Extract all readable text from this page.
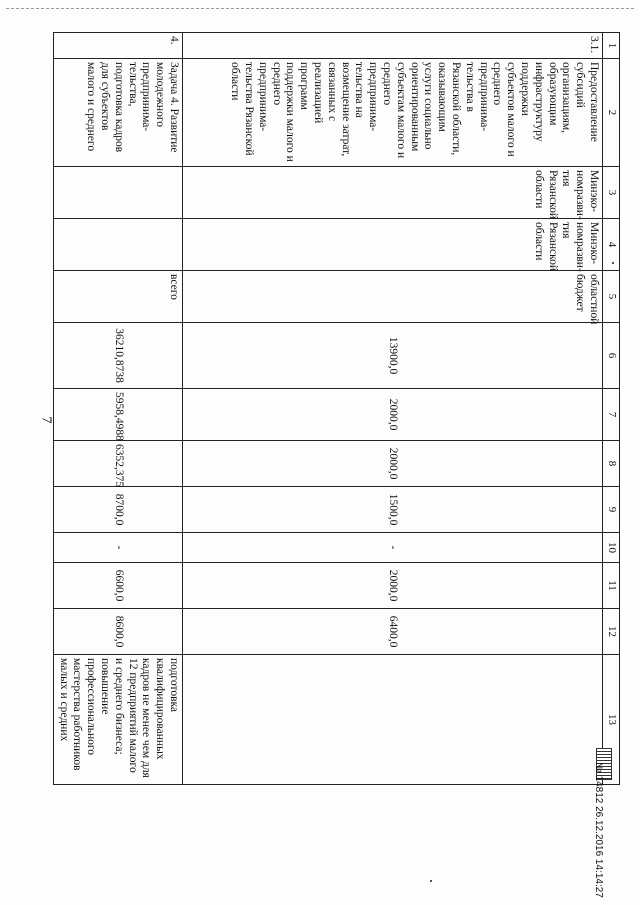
7
1	2	3	4	5	6	7	8	9	10	11	12	13
3.1.	Предоставление субсидий организациям, образующим инфраструктуру поддержки субъектов малого и среднего предпринима- тельства в Рязанской области, оказывающим услуги социально ориентированным субъектам малого и среднего предпринима- тельства на возмещение затрат, связанных с реализацией программ поддержки малого и среднего предпринима- тельства Рязанской области	Минэко- номразви- тия Рязанской области	Минэко- номразви- тия Рязанской области	областной бюджет	13900,0	2000,0	2000,0	1500,0	-	2000,0	6400,0	
4.	Задача 4. Развитие молодежного предпринима- тельства, подготовка кадров для субъектов малого и среднего			всего	36210,8738	5958,4988	6352,375	8700,0	-	6600,0	8600,0	подготовка квалифицированных кадров не менее чем для 12 предприятий малого и среднего бизнеса; повышение профессионального мастерства работников малых и средних
№ 14812 26.12.2016 14:14:27
